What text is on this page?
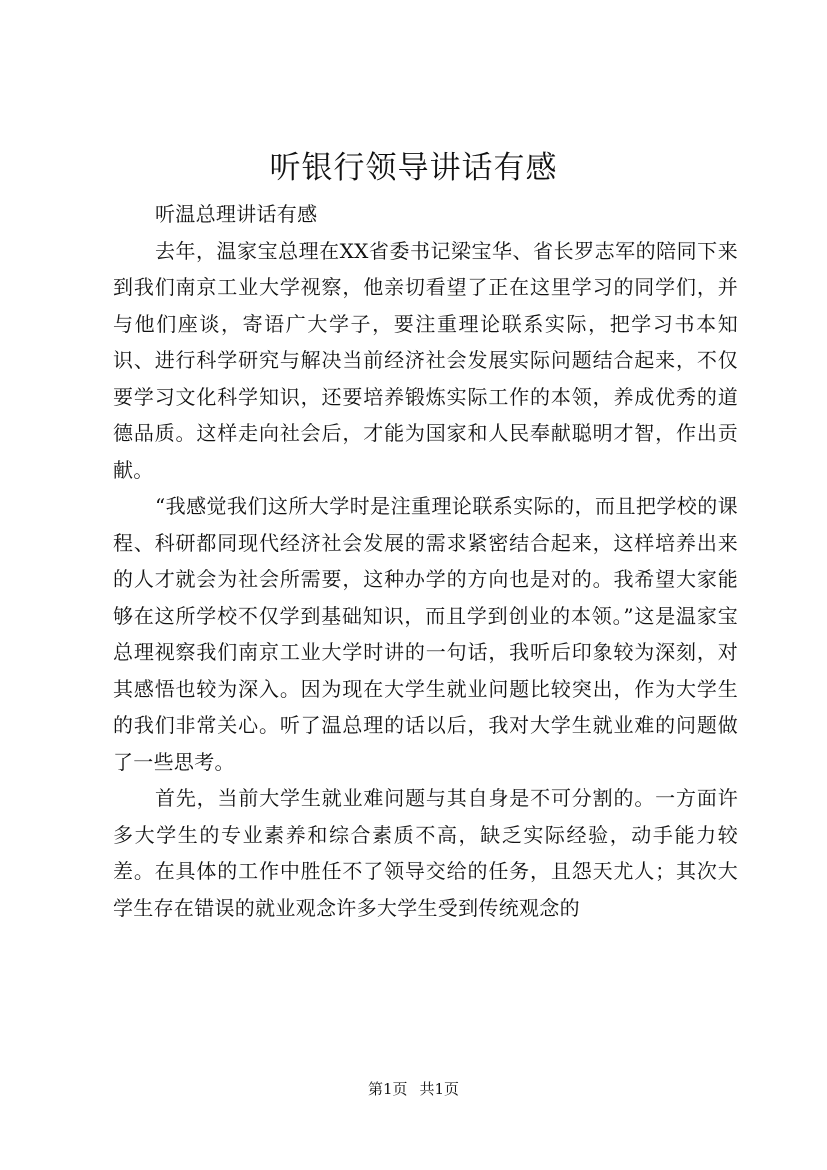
听银行领导讲话有感

听温总理讲话有感

去年，温家宝总理在XX省委书记梁宝华、省长罗志军的陪同下来到我们南京工业大学视察，他亲切看望了正在这里学习的同学们，并与他们座谈，寄语广大学子，要注重理论联系实际，把学习书本知识、进行科学研究与解决当前经济社会发展实际问题结合起来，不仅要学习文化科学知识，还要培养锻炼实际工作的本领，养成优秀的道德品质。这样走向社会后，才能为国家和人民奉献聪明才智，作出贡献。

“我感觉我们这所大学时是注重理论联系实际的，而且把学校的课程、科研都同现代经济社会发展的需求紧密结合起来，这样培养出来的人才就会为社会所需要，这种办学的方向也是对的。我希望大家能够在这所学校不仅学到基础知识，而且学到创业的本领。”这是温家宝总理视察我们南京工业大学时讲的一句话，我听后印象较为深刻，对其感悟也较为深入。因为现在大学生就业问题比较突出，作为大学生的我们非常关心。听了温总理的话以后，我对大学生就业难的问题做了一些思考。

首先，当前大学生就业难问题与其自身是不可分割的。一方面许多大学生的专业素养和综合素质不高，缺乏实际经验，动手能力较差。在具体的工作中胜任不了领导交给的任务，且怨天尤人；其次大学生存在错误的就业观念许多大学生受到传统观念的

第1页 共1页
